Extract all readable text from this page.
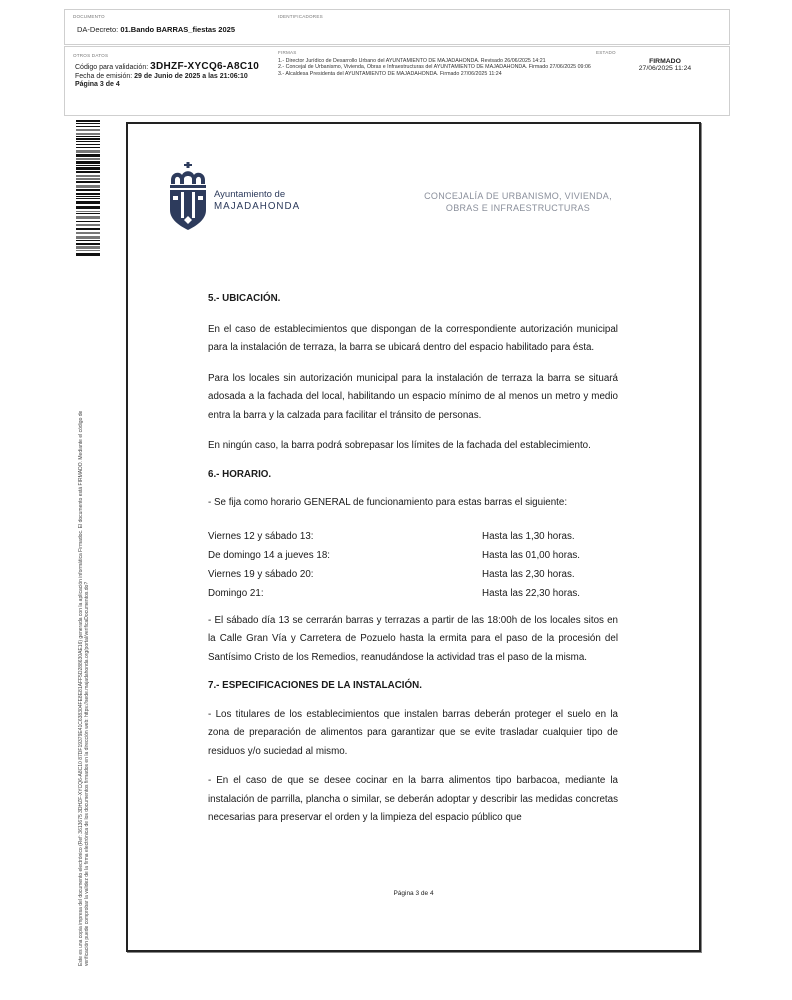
DOCUMENTO	IDENTIFICADORES
DA-Decreto: 01.Bando BARRAS_fiestas 2025
OTROS DATOS
Código para validación: 3DHZF-XYCQ6-A8C10
Fecha de emisión: 29 de Junio de 2025 a las 21:06:10
Página 3 de 4
FIRMAS
1.- Director Jurídico de Desarrollo Urbano del AYUNTAMIENTO DE MAJADAHONDA. Revisado 26/06/2025 14:21
2.- Concejal de Urbanismo, Vivienda, Obras e Infraestructuras del AYUNTAMIENTO DE MAJADAHONDA. Firmado 27/06/2025 09:06
3.- Alcaldesa Presidenta del AYUNTAMIENTO DE MAJADAHONDA. Firmado 27/06/2025 11:24
ESTADO
FIRMADO
27/06/2025 11:24
Este es una copia impresa del documento electrónico (Ref: 3613675 3DHZF-XYCQ6-A8C10 87DF19379E41C638304FE8E81AFF5D288630AE16) generada con la aplicación informática Firmadoc. El documento está FIRMADO. Mediante el código de verificación puede comprobar la validez de la firma electrónica de los documentos firmados en la dirección web: https://sede.majadahonda.org/portal/verificaDocumentos.do?
Ayuntamiento de
MAJADAHONDA
CONCEJALÍA DE URBANISMO, VIVIENDA,
OBRAS E INFRAESTRUCTURAS

5.- UBICACIÓN.

En el caso de establecimientos que dispongan de la correspondiente autorización municipal para la instalación de terraza, la barra se ubicará dentro del espacio habilitado para ésta.

Para los locales sin autorización municipal para la instalación de terraza la barra se situará adosada a la fachada del local, habilitando un espacio mínimo de al menos un metro y medio entra la barra y la calzada para facilitar el tránsito de personas.

En ningún caso, la barra podrá sobrepasar los límites de la fachada del establecimiento.

6.- HORARIO.

- Se fija como horario GENERAL de funcionamiento para estas barras el siguiente:

Viernes 12 y sábado 13:	Hasta las 1,30 horas.
De domingo 14 a jueves 18:	Hasta las 01,00 horas.
Viernes 19 y sábado 20:	Hasta las 2,30 horas.
Domingo 21:	Hasta las 22,30 horas.

- El sábado día 13 se cerrarán barras y terrazas a partir de las 18:00h de los locales sitos en la Calle Gran Vía y Carretera de Pozuelo hasta la ermita para el paso de la procesión del Santísimo Cristo de los Remedios, reanudándose la actividad tras el paso de la misma.

7.- ESPECIFICACIONES DE LA INSTALACIÓN.

- Los titulares de los establecimientos que instalen barras deberán proteger el suelo en la zona de preparación de alimentos para garantizar que se evite trasladar cualquier tipo de residuos y/o suciedad al mismo.

- En el caso de que se desee cocinar en la barra alimentos tipo barbacoa, mediante la instalación de parrilla, plancha o similar, se deberán adoptar y describir las medidas concretas necesarias para preservar el orden y la limpieza del espacio público que

Página 3 de 4
